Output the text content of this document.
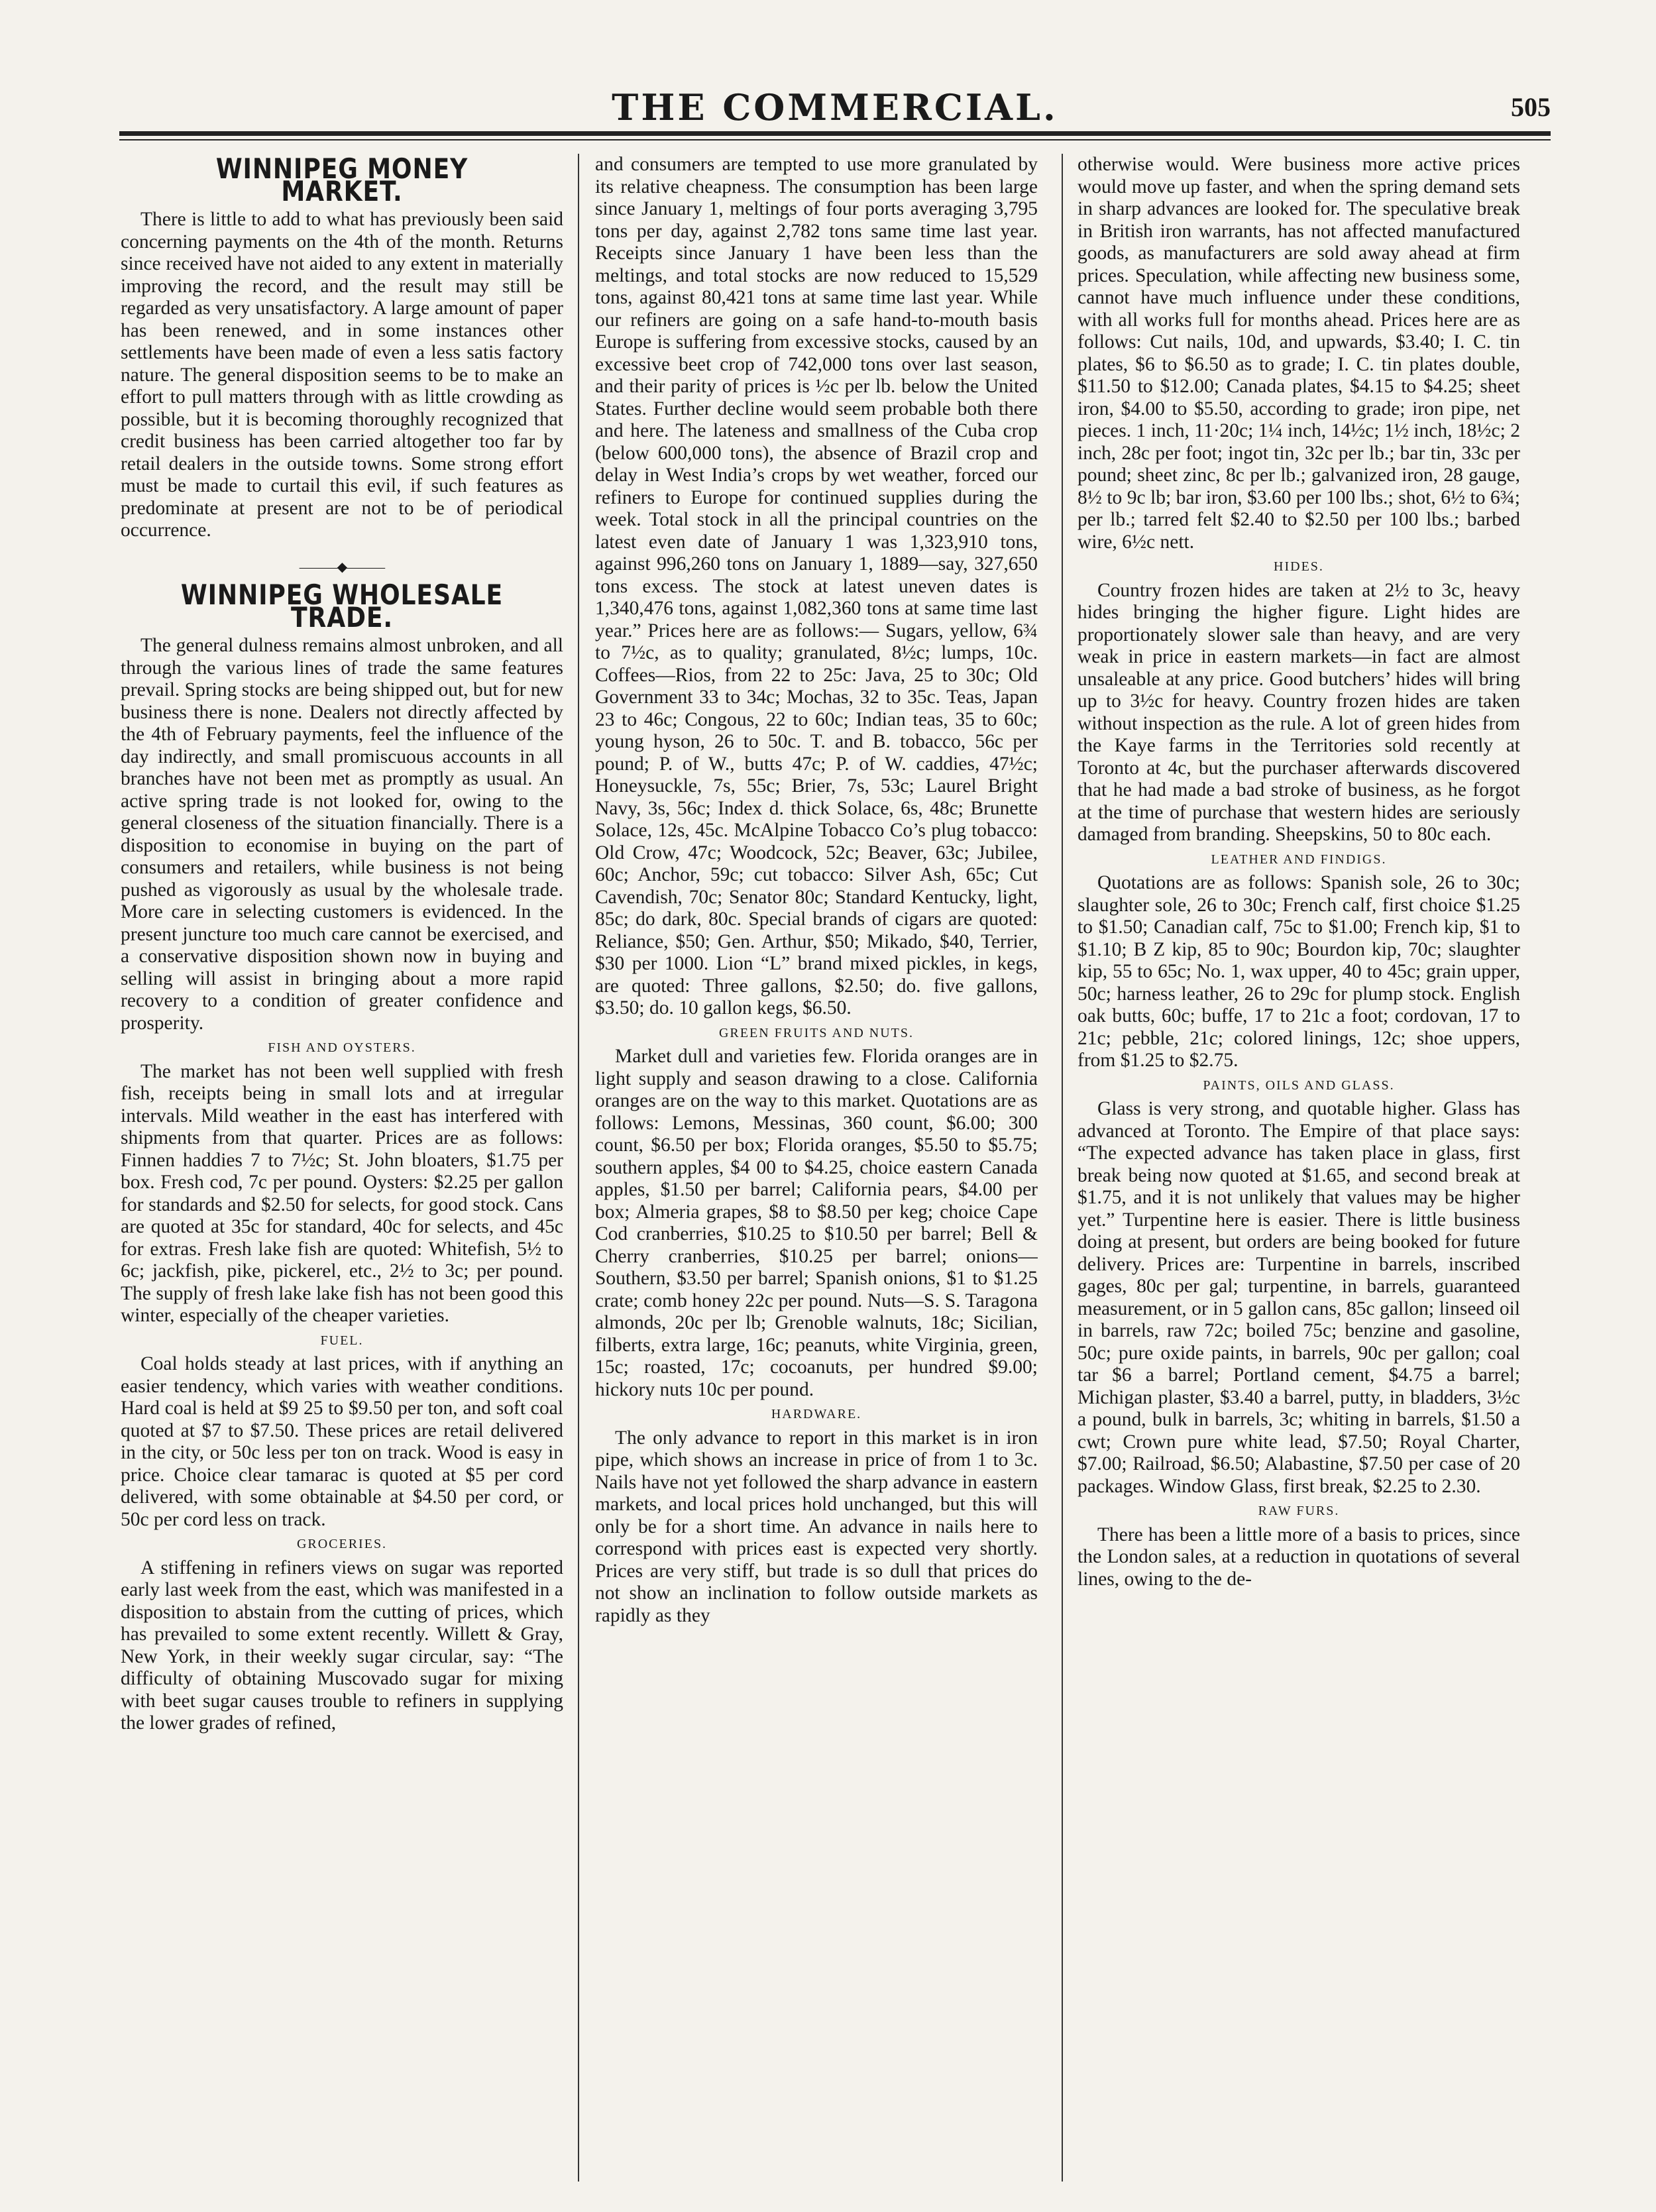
THE COMMERCIAL.	505
WINNIPEG MONEY MARKET.

There is little to add to what has previously been said concerning payments on the 4th of the month. Returns since received have not aided to any extent in materially improving the record, and the result may still be regarded as very unsatisfactory. A large amount of paper has been renewed, and in some instances other settlements have been made of even a less satis factory nature. The general disposition seems to be to make an effort to pull matters through with as little crowding as possible, but it is becoming thoroughly recognized that credit business has been carried altogether too far by retail dealers in the outside towns. Some strong effort must be made to curtail this evil, if such features as predominate at present are not to be of periodical occurrence.

———◆———
WINNIPEG WHOLESALE TRADE.

The general dulness remains almost unbroken, and all through the various lines of trade the same features prevail. Spring stocks are being shipped out, but for new business there is none. Dealers not directly affected by the 4th of February payments, feel the influence of the day indirectly, and small promiscuous accounts in all branches have not been met as promptly as usual. An active spring trade is not looked for, owing to the general closeness of the situation financially. There is a disposition to economise in buying on the part of consumers and retailers, while business is not being pushed as vigorously as usual by the wholesale trade. More care in selecting customers is evidenced. In the present juncture too much care cannot be exercised, and a conservative disposition shown now in buying and selling will assist in bringing about a more rapid recovery to a condition of greater confidence and prosperity.

FISH AND OYSTERS.

The market has not been well supplied with fresh fish, receipts being in small lots and at irregular intervals. Mild weather in the east has interfered with shipments from that quarter. Prices are as follows: Finnen haddies 7 to 7½c; St. John bloaters, $1.75 per box. Fresh cod, 7c per pound. Oysters: $2.25 per gallon for standards and $2.50 for selects, for good stock. Cans are quoted at 35c for standard, 40c for selects, and 45c for extras. Fresh lake fish are quoted: Whitefish, 5½ to 6c; jackfish, pike, pickerel, etc., 2½ to 3c; per pound. The supply of fresh lake lake fish has not been good this winter, especially of the cheaper varieties.

FUEL.

Coal holds steady at last prices, with if anything an easier tendency, which varies with weather conditions. Hard coal is held at $9 25 to $9.50 per ton, and soft coal quoted at $7 to $7.50. These prices are retail delivered in the city, or 50c less per ton on track. Wood is easy in price. Choice clear tamarac is quoted at $5 per cord delivered, with some obtainable at $4.50 per cord, or 50c per cord less on track.

GROCERIES.

A stiffening in refiners views on sugar was reported early last week from the east, which was manifested in a disposition to abstain from the cutting of prices, which has prevailed to some extent recently. Willett & Gray, New York, in their weekly sugar circular, say: “The difficulty of obtaining Muscovado sugar for mixing with beet sugar causes trouble to refiners in supplying the lower grades of refined,

and consumers are tempted to use more granulated by its relative cheapness. The consumption has been large since January 1, meltings of four ports averaging 3,795 tons per day, against 2,782 tons same time last year. Receipts since January 1 have been less than the meltings, and total stocks are now reduced to 15,529 tons, against 80,421 tons at same time last year. While our refiners are going on a safe hand-to-mouth basis Europe is suffering from excessive stocks, caused by an excessive beet crop of 742,000 tons over last season, and their parity of prices is ½c per lb. below the United States. Further decline would seem probable both there and here. The lateness and smallness of the Cuba crop (below 600,000 tons), the absence of Brazil crop and delay in West India’s crops by wet weather, forced our refiners to Europe for continued supplies during the week. Total stock in all the principal countries on the latest even date of January 1 was 1,323,910 tons, against 996,260 tons on January 1, 1889—say, 327,650 tons excess. The stock at latest uneven dates is 1,340,476 tons, against 1,082,360 tons at same time last year.” Prices here are as follows:— Sugars, yellow, 6¾ to 7½c, as to quality; granulated, 8½c; lumps, 10c. Coffees—Rios, from 22 to 25c: Java, 25 to 30c; Old Government 33 to 34c; Mochas, 32 to 35c. Teas, Japan 23 to 46c; Congous, 22 to 60c; Indian teas, 35 to 60c; young hyson, 26 to 50c. T. and B. tobacco, 56c per pound; P. of W., butts 47c; P. of W. caddies, 47½c; Honeysuckle, 7s, 55c; Brier, 7s, 53c; Laurel Bright Navy, 3s, 56c; Index d. thick Solace, 6s, 48c; Brunette Solace, 12s, 45c. McAlpine Tobacco Co’s plug tobacco: Old Crow, 47c; Woodcock, 52c; Beaver, 63c; Jubilee, 60c; Anchor, 59c; cut tobacco: Silver Ash, 65c; Cut Cavendish, 70c; Senator 80c; Standard Kentucky, light, 85c; do dark, 80c. Special brands of cigars are quoted: Reliance, $50; Gen. Arthur, $50; Mikado, $40, Terrier, $30 per 1000. Lion “L” brand mixed pickles, in kegs, are quoted: Three gallons, $2.50; do. five gallons, $3.50; do. 10 gallon kegs, $6.50.

GREEN FRUITS AND NUTS.

Market dull and varieties few. Florida oranges are in light supply and season drawing to a close. California oranges are on the way to this market. Quotations are as follows: Lemons, Messinas, 360 count, $6.00; 300 count, $6.50 per box; Florida oranges, $5.50 to $5.75; southern apples, $4 00 to $4.25, choice eastern Canada apples, $1.50 per barrel; California pears, $4.00 per box; Almeria grapes, $8 to $8.50 per keg; choice Cape Cod cranberries, $10.25 to $10.50 per barrel; Bell & Cherry cranberries, $10.25 per barrel; onions—Southern, $3.50 per barrel; Spanish onions, $1 to $1.25 crate; comb honey 22c per pound. Nuts—S. S. Taragona almonds, 20c per lb; Grenoble walnuts, 18c; Sicilian, filberts, extra large, 16c; peanuts, white Virginia, green, 15c; roasted, 17c; cocoanuts, per hundred $9.00; hickory nuts 10c per pound.

HARDWARE.

The only advance to report in this market is in iron pipe, which shows an increase in price of from 1 to 3c. Nails have not yet followed the sharp advance in eastern markets, and local prices hold unchanged, but this will only be for a short time. An advance in nails here to correspond with prices east is expected very shortly. Prices are very stiff, but trade is so dull that prices do not show an inclination to follow outside markets as rapidly as they

otherwise would. Were business more active prices would move up faster, and when the spring demand sets in sharp advances are looked for. The speculative break in British iron warrants, has not affected manufactured goods, as manufacturers are sold away ahead at firm prices. Speculation, while affecting new business some, cannot have much influence under these conditions, with all works full for months ahead. Prices here are as follows: Cut nails, 10d, and upwards, $3.40; I. C. tin plates, $6 to $6.50 as to grade; I. C. tin plates double, $11.50 to $12.00; Canada plates, $4.15 to $4.25; sheet iron, $4.00 to $5.50, according to grade; iron pipe, net pieces. 1 inch, 11·20c; 1¼ inch, 14½c; 1½ inch, 18½c; 2 inch, 28c per foot; ingot tin, 32c per lb.; bar tin, 33c per pound; sheet zinc, 8c per lb.; galvanized iron, 28 gauge, 8½ to 9c lb; bar iron, $3.60 per 100 lbs.; shot, 6½ to 6¾; per lb.; tarred felt $2.40 to $2.50 per 100 lbs.; barbed wire, 6½c nett.

HIDES.

Country frozen hides are taken at 2½ to 3c, heavy hides bringing the higher figure. Light hides are proportionately slower sale than heavy, and are very weak in price in eastern markets—in fact are almost unsaleable at any price. Good butchers’ hides will bring up to 3½c for heavy. Country frozen hides are taken without inspection as the rule. A lot of green hides from the Kaye farms in the Territories sold recently at Toronto at 4c, but the purchaser afterwards discovered that he had made a bad stroke of business, as he forgot at the time of purchase that western hides are seriously damaged from branding. Sheepskins, 50 to 80c each.

LEATHER AND FINDIGS.

Quotations are as follows: Spanish sole, 26 to 30c; slaughter sole, 26 to 30c; French calf, first choice $1.25 to $1.50; Canadian calf, 75c to $1.00; French kip, $1 to $1.10; B Z kip, 85 to 90c; Bourdon kip, 70c; slaughter kip, 55 to 65c; No. 1, wax upper, 40 to 45c; grain upper, 50c; harness leather, 26 to 29c for plump stock. English oak butts, 60c; buffe, 17 to 21c a foot; cordovan, 17 to 21c; pebble, 21c; colored linings, 12c; shoe uppers, from $1.25 to $2.75.

PAINTS, OILS AND GLASS.

Glass is very strong, and quotable higher. Glass has advanced at Toronto. The Empire of that place says: “The expected advance has taken place in glass, first break being now quoted at $1.65, and second break at $1.75, and it is not unlikely that values may be higher yet.” Turpentine here is easier. There is little business doing at present, but orders are being booked for future delivery. Prices are: Turpentine in barrels, inscribed gages, 80c per gal; turpentine, in barrels, guaranteed measurement, or in 5 gallon cans, 85c gallon; linseed oil in barrels, raw 72c; boiled 75c; benzine and gasoline, 50c; pure oxide paints, in barrels, 90c per gallon; coal tar $6 a barrel; Portland cement, $4.75 a barrel; Michigan plaster, $3.40 a barrel, putty, in bladders, 3½c a pound, bulk in barrels, 3c; whiting in barrels, $1.50 a cwt; Crown pure white lead, $7.50; Royal Charter, $7.00; Railroad, $6.50; Alabastine, $7.50 per case of 20 packages. Window Glass, first break, $2.25 to 2.30.

RAW FURS.

There has been a little more of a basis to prices, since the London sales, at a reduction in quotations of several lines, owing to the de-
